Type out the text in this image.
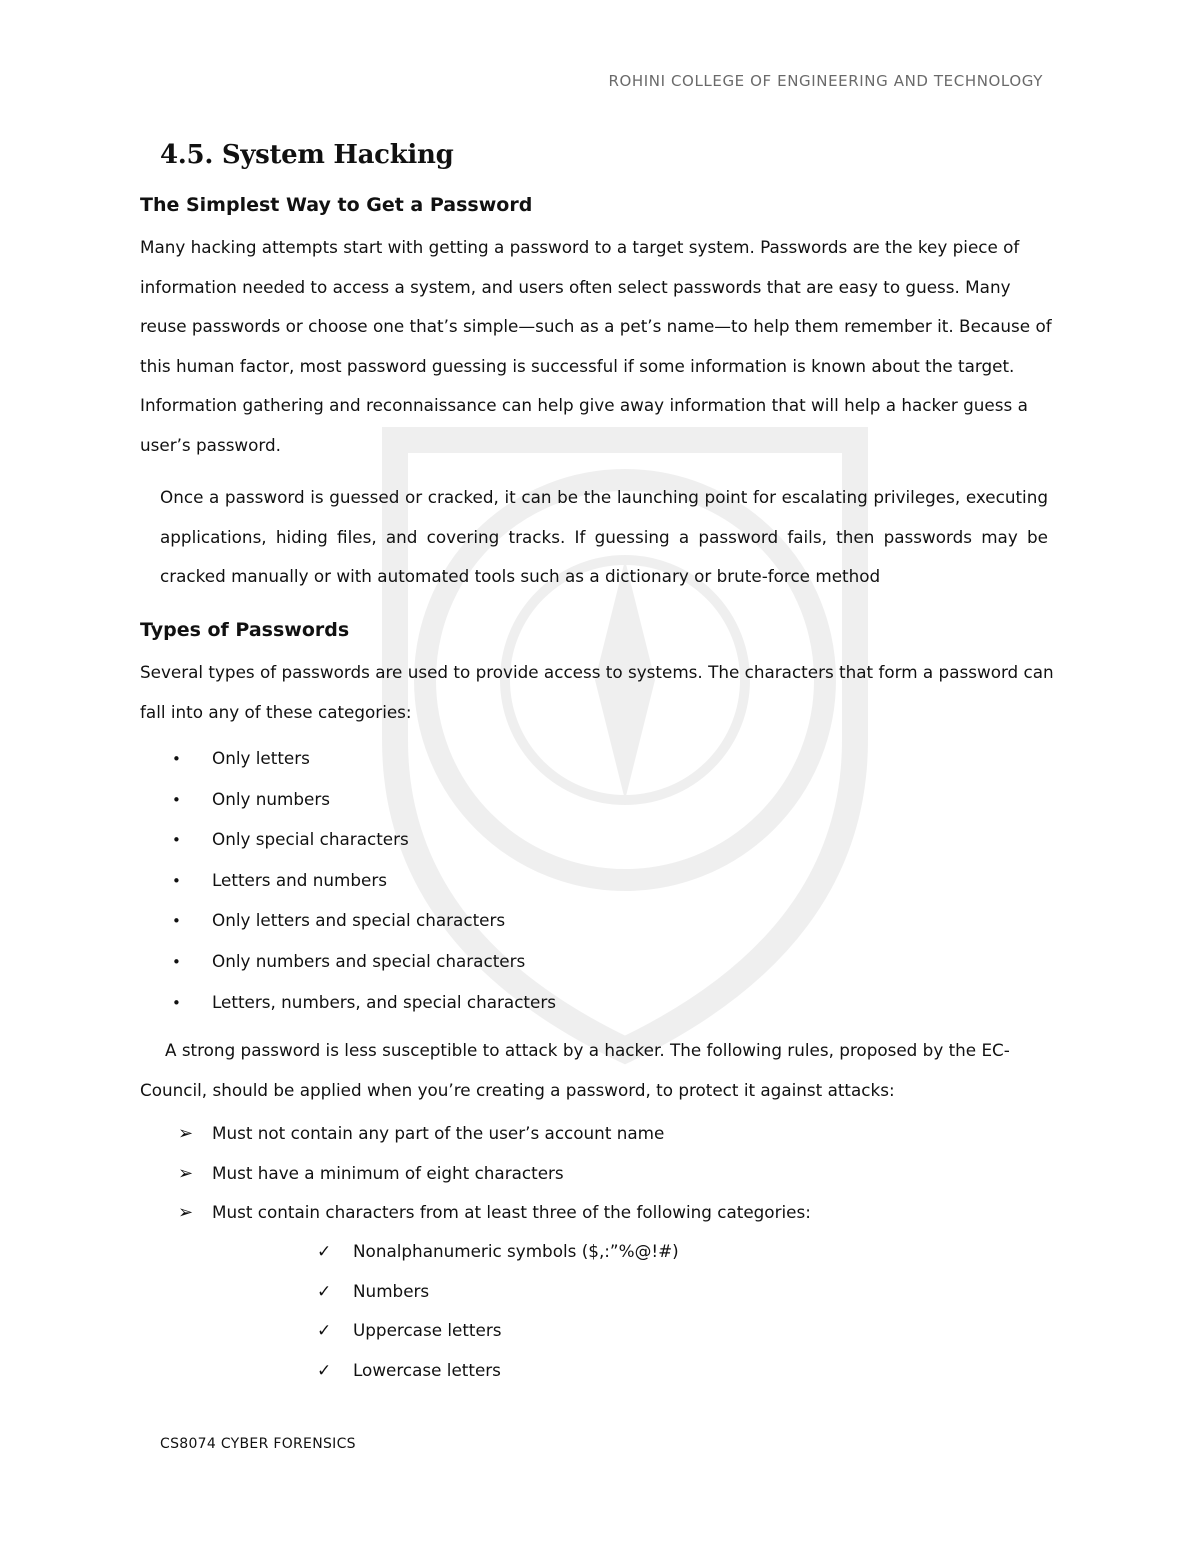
ROHINI COLLEGE OF ENGINEERING AND TECHNOLOGY
4.5. System Hacking
The Simplest Way to Get a Password

Many hacking attempts start with getting a password to a target system. Passwords are the key piece of information needed to access a system, and users often select passwords that are easy to guess. Many reuse passwords or choose one that’s simple—such as a pet’s name—to help them remember it. Because of this human factor, most password guessing is successful if some information is known about the target. Information gathering and reconnaissance can help give away information that will help a hacker guess a user’s password.

Once a password is guessed or cracked, it can be the launching point for escalating privileges, executing applications, hiding files, and covering tracks. If guessing a password fails, then passwords may be cracked manually or with automated tools such as a dictionary or brute-force method

Types of Passwords

Several types of passwords are used to provide access to systems. The characters that form a password can fall into any of these categories:

• Only letters
• Only numbers
• Only special characters
• Letters and numbers
• Only letters and special characters
• Only numbers and special characters
• Letters, numbers, and special characters

A strong password is less susceptible to attack by a hacker. The following rules, proposed by the EC-Council, should be applied when you’re creating a password, to protect it against attacks:

➢ Must not contain any part of the user’s account name
➢ Must have a minimum of eight characters
➢ Must contain characters from at least three of the following categories:
✓ Nonalphanumeric symbols ($,:”%@!#)
✓ Numbers
✓ Uppercase letters
✓ Lowercase letters
CS8074 CYBER FORENSICS
